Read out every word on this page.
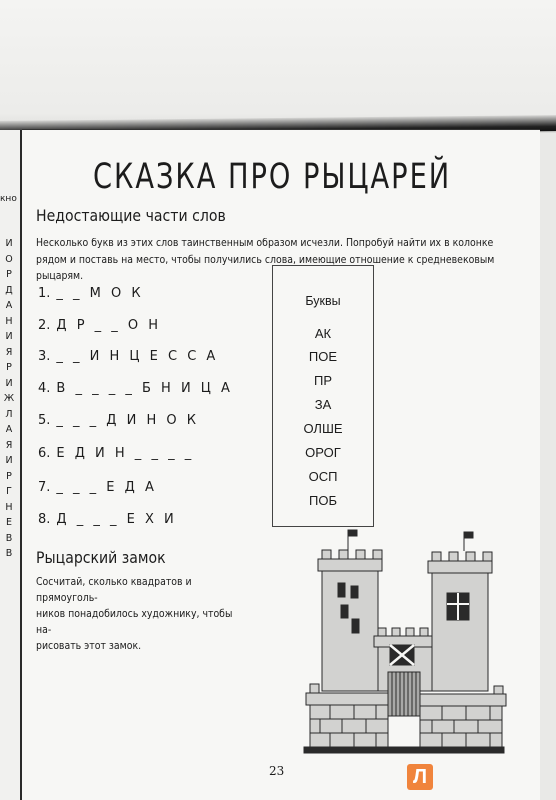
кно
И
О
Р
Д
А
Н
И
Я
Р
И
Ж
Л
А
Я
И
Р
Г
Н
Е
В
В
СКАЗКА ПРО РЫЦАРЕЙ
Недостающие части слов
Несколько букв из этих слов таинственным образом исчезли. Попробуй найти их в колонке
рядом и поставь на место, чтобы получились слова, имеющие отношение к средневековым
рыцарям.
1. _ _ М О К
2. Д Р _ _ О Н
3. _ _ И Н Ц Е С С А
4. В _ _ _ _ Б Н И Ц А
5. _ _ _ Д И Н О К
6. Е Д И Н _ _ _ _
7. _ _ _ Е Д А
8. Д _ _ _ Е Х И
Буквы
АК
ПОЕ
ПР
ЗА
ОЛШЕ
ОРОГ
ОСП
ПОБ
Рыцарский замок
Сосчитай, сколько квадратов и прямоуголь-
ников понадобилось художнику, чтобы на-
рисовать этот замок.
23	Л
